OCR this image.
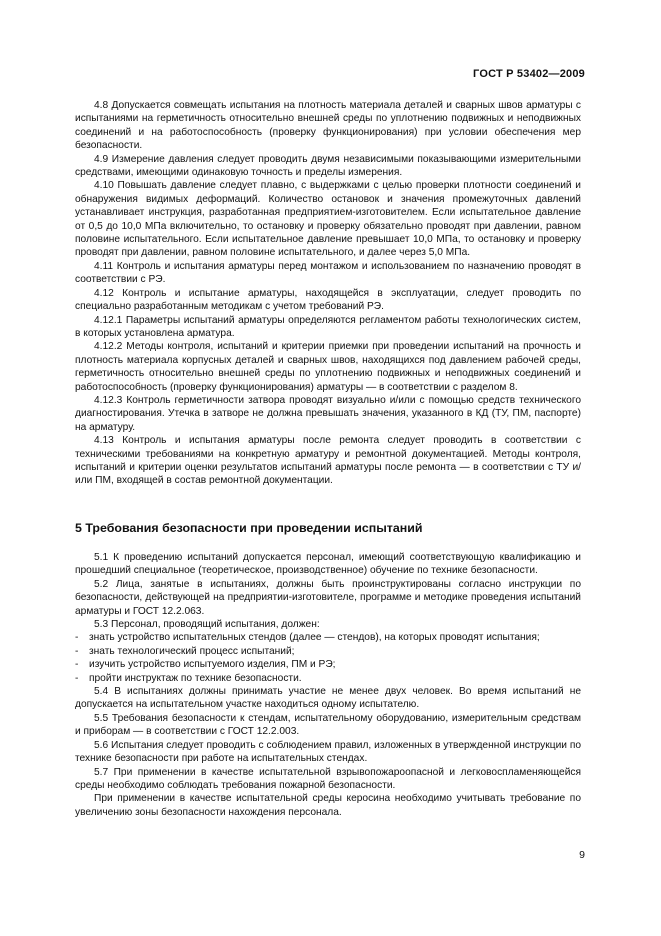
ГОСТ Р 53402—2009

4.8 Допускается совмещать испытания на плотность материала деталей и сварных швов арматуры с испытаниями на герметичность относительно внешней среды по уплотнению подвижных и неподвижных соединений и на работоспособность (проверку функционирования) при условии обеспечения мер безопасности.

4.9 Измерение давления следует проводить двумя независимыми показывающими измерительными средствами, имеющими одинаковую точность и пределы измерения.

4.10 Повышать давление следует плавно, с выдержками с целью проверки плотности соединений и обнаружения видимых деформаций. Количество остановок и значения промежуточных давлений устанавливает инструкция, разработанная предприятием-изготовителем. Если испытательное давление от 0,5 до 10,0 МПа включительно, то остановку и проверку обязательно проводят при давлении, равном половине испытательного. Если испытательное давление превышает 10,0 МПа, то остановку и проверку проводят при давлении, равном половине испытательного, и далее через 5,0 МПа.

4.11 Контроль и испытания арматуры перед монтажом и использованием по назначению проводят в соответствии с РЭ.

4.12 Контроль и испытание арматуры, находящейся в эксплуатации, следует проводить по специально разработанным методикам с учетом требований РЭ.

4.12.1 Параметры испытаний арматуры определяются регламентом работы технологических систем, в которых установлена арматура.

4.12.2 Методы контроля, испытаний и критерии приемки при проведении испытаний на прочность и плотность материала корпусных деталей и сварных швов, находящихся под давлением рабочей среды, герметичность относительно внешней среды по уплотнению подвижных и неподвижных соединений и работоспособность (проверку функционирования) арматуры — в соответствии с разделом 8.

4.12.3 Контроль герметичности затвора проводят визуально и/или с помощью средств технического диагностирования. Утечка в затворе не должна превышать значения, указанного в КД (ТУ, ПМ, паспорте) на арматуру.

4.13 Контроль и испытания арматуры после ремонта следует проводить в соответствии с техническими требованиями на конкретную арматуру и ремонтной документацией. Методы контроля, испытаний и критерии оценки результатов испытаний арматуры после ремонта — в соответствии с ТУ и/или ПМ, входящей в состав ремонтной документации.

5 Требования безопасности при проведении испытаний

5.1 К проведению испытаний допускается персонал, имеющий соответствующую квалификацию и прошедший специальное (теоретическое, производственное) обучение по технике безопасности.

5.2 Лица, занятые в испытаниях, должны быть проинструктированы согласно инструкции по безопасности, действующей на предприятии-изготовителе, программе и методике проведения испытаний арматуры и ГОСТ 12.2.063.

5.3 Персонал, проводящий испытания, должен:

- знать устройство испытательных стендов (далее — стендов), на которых проводят испытания;

- знать технологический процесс испытаний;

- изучить устройство испытуемого изделия, ПМ и РЭ;

- пройти инструктаж по технике безопасности.

5.4 В испытаниях должны принимать участие не менее двух человек. Во время испытаний не допускается на испытательном участке находиться одному испытателю.

5.5 Требования безопасности к стендам, испытательному оборудованию, измерительным средствам и приборам — в соответствии с ГОСТ 12.2.003.

5.6 Испытания следует проводить с соблюдением правил, изложенных в утвержденной инструкции по технике безопасности при работе на испытательных стендах.

5.7 При применении в качестве испытательной взрывопожароопасной и легковоспламеняющейся среды необходимо соблюдать требования пожарной безопасности.

При применении в качестве испытательной среды керосина необходимо учитывать требование по увеличению зоны безопасности нахождения персонала.

9
